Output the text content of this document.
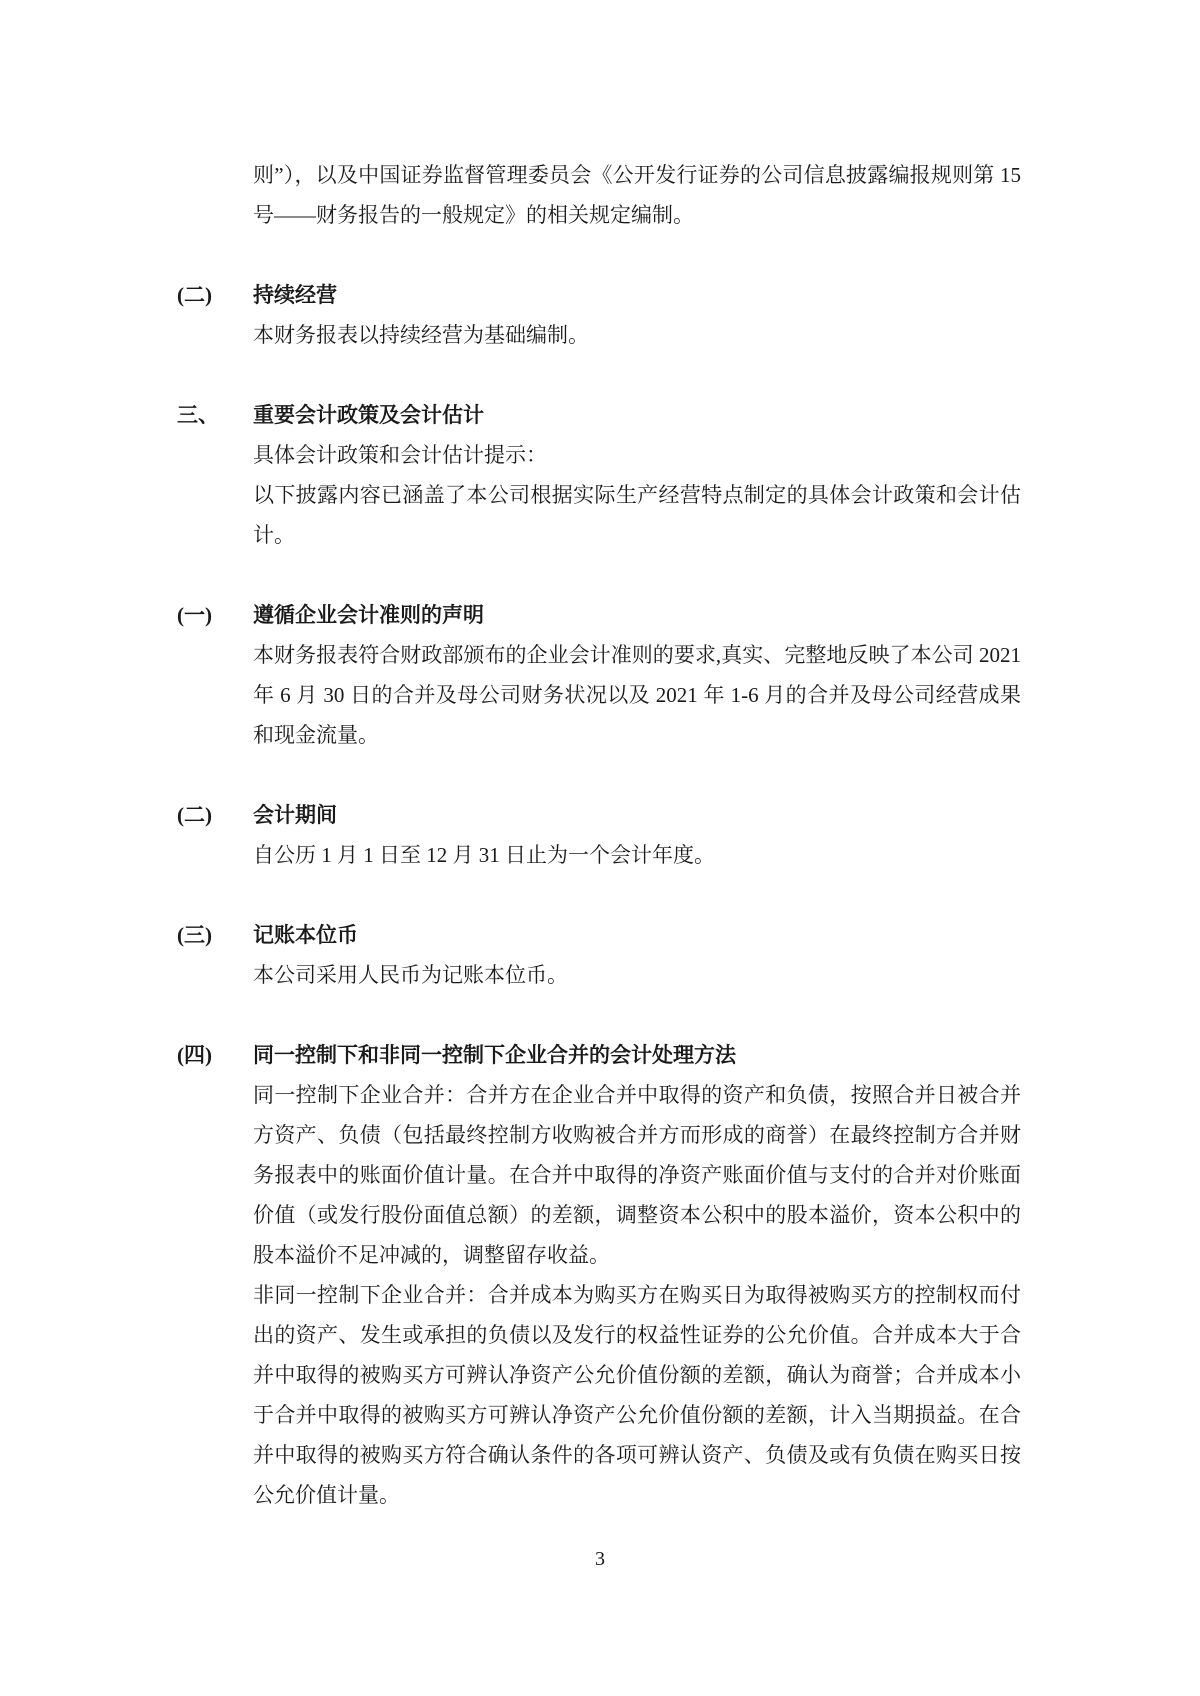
则”），以及中国证券监督管理委员会《公开发行证券的公司信息披露编报规则第 15 号——财务报告的一般规定》的相关规定编制。

(二) 持续经营

本财务报表以持续经营为基础编制。

三、 重要会计政策及会计估计

具体会计政策和会计估计提示：

以下披露内容已涵盖了本公司根据实际生产经营特点制定的具体会计政策和会计估计。

(一) 遵循企业会计准则的声明

本财务报表符合财政部颁布的企业会计准则的要求,真实、完整地反映了本公司 2021 年 6 月 30 日的合并及母公司财务状况以及 2021 年 1-6 月的合并及母公司经营成果和现金流量。

(二) 会计期间

自公历 1 月 1 日至 12 月 31 日止为一个会计年度。

(三) 记账本位币

本公司采用人民币为记账本位币。

(四) 同一控制下和非同一控制下企业合并的会计处理方法

同一控制下企业合并：合并方在企业合并中取得的资产和负债，按照合并日被合并方资产、负债（包括最终控制方收购被合并方而形成的商誉）在最终控制方合并财务报表中的账面价值计量。在合并中取得的净资产账面价值与支付的合并对价账面价值（或发行股份面值总额）的差额，调整资本公积中的股本溢价，资本公积中的股本溢价不足冲减的，调整留存收益。

非同一控制下企业合并：合并成本为购买方在购买日为取得被购买方的控制权而付出的资产、发生或承担的负债以及发行的权益性证券的公允价值。合并成本大于合并中取得的被购买方可辨认净资产公允价值份额的差额，确认为商誉；合并成本小于合并中取得的被购买方可辨认净资产公允价值份额的差额，计入当期损益。在合并中取得的被购买方符合确认条件的各项可辨认资产、负债及或有负债在购买日按公允价值计量。

3
